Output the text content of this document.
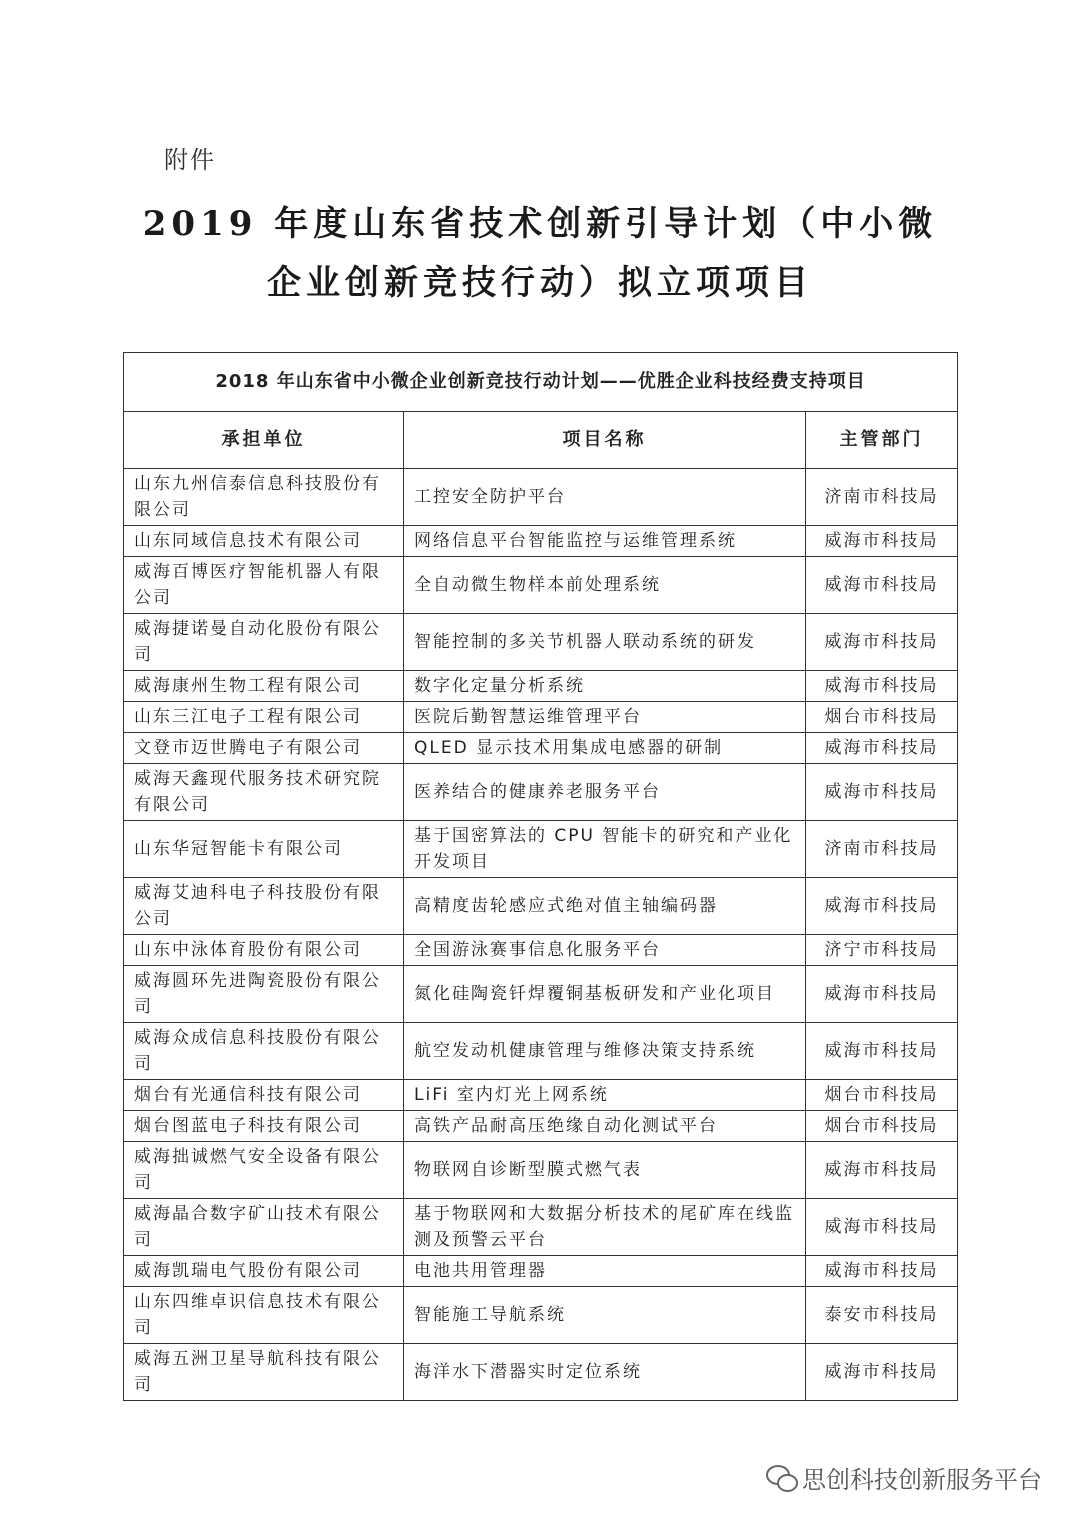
附件
2019 年度山东省技术创新引导计划（中小微
企业创新竞技行动）拟立项项目
2018 年山东省中小微企业创新竞技行动计划——优胜企业科技经费支持项目		
承担单位	项目名称	主管部门
山东九州信泰信息科技股份有限公司	工控安全防护平台	济南市科技局
山东同域信息技术有限公司	网络信息平台智能监控与运维管理系统	威海市科技局
威海百博医疗智能机器人有限公司	全自动微生物样本前处理系统	威海市科技局
威海捷诺曼自动化股份有限公司	智能控制的多关节机器人联动系统的研发	威海市科技局
威海康州生物工程有限公司	数字化定量分析系统	威海市科技局
山东三江电子工程有限公司	医院后勤智慧运维管理平台	烟台市科技局
文登市迈世腾电子有限公司	QLED 显示技术用集成电感器的研制	威海市科技局
威海天鑫现代服务技术研究院有限公司	医养结合的健康养老服务平台	威海市科技局
山东华冠智能卡有限公司	基于国密算法的 CPU 智能卡的研究和产业化开发项目	济南市科技局
威海艾迪科电子科技股份有限公司	高精度齿轮感应式绝对值主轴编码器	威海市科技局
山东中泳体育股份有限公司	全国游泳赛事信息化服务平台	济宁市科技局
威海圆环先进陶瓷股份有限公司	氮化硅陶瓷钎焊覆铜基板研发和产业化项目	威海市科技局
威海众成信息科技股份有限公司	航空发动机健康管理与维修决策支持系统	威海市科技局
烟台有光通信科技有限公司	LiFi 室内灯光上网系统	烟台市科技局
烟台图蓝电子科技有限公司	高铁产品耐高压绝缘自动化测试平台	烟台市科技局
威海拙诚燃气安全设备有限公司	物联网自诊断型膜式燃气表	威海市科技局
威海晶合数字矿山技术有限公司	基于物联网和大数据分析技术的尾矿库在线监测及预警云平台	威海市科技局
威海凯瑞电气股份有限公司	电池共用管理器	威海市科技局
山东四维卓识信息技术有限公司	智能施工导航系统	泰安市科技局
威海五洲卫星导航科技有限公司	海洋水下潜器实时定位系统	威海市科技局
思创科技创新服务平台
